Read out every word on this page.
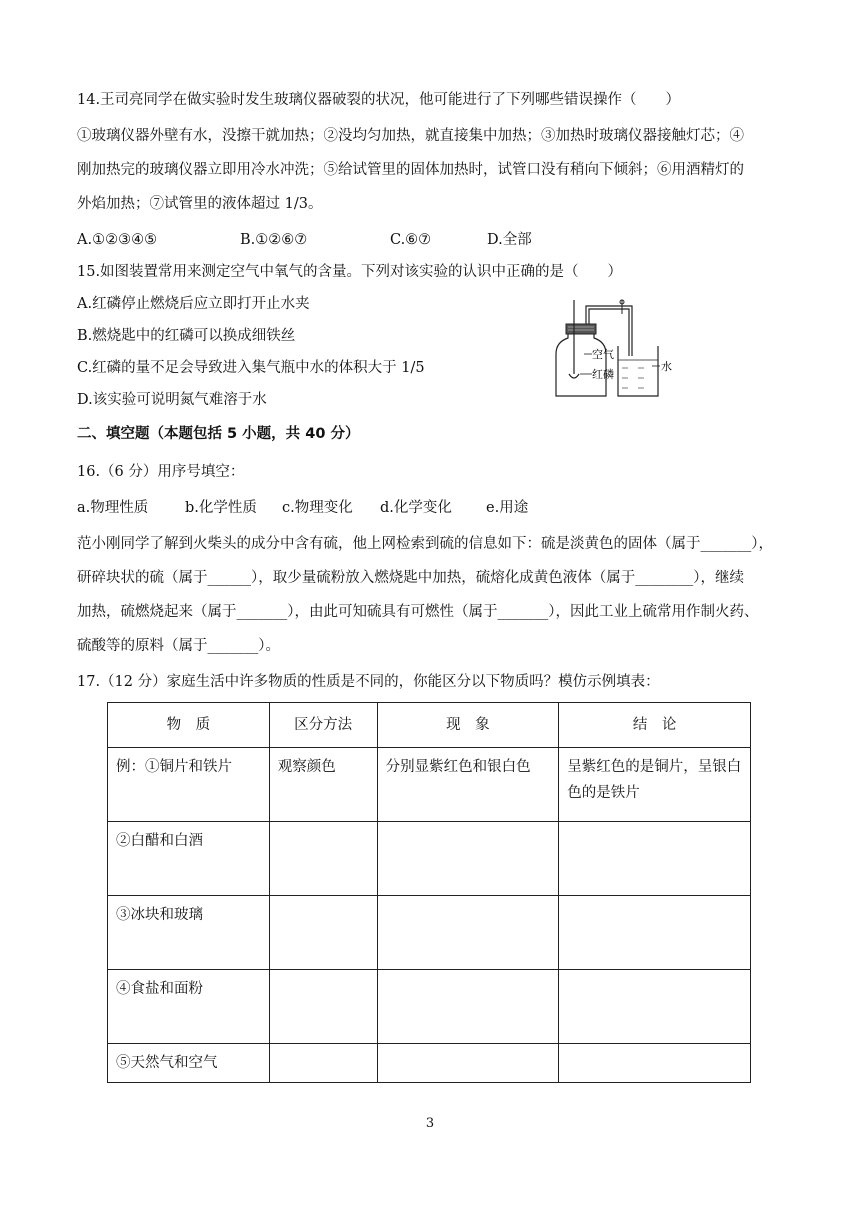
14.王司亮同学在做实验时发生玻璃仪器破裂的状况，他可能进行了下列哪些错误操作（　　）
①玻璃仪器外壁有水，没擦干就加热；②没均匀加热，就直接集中加热；③加热时玻璃仪器接触灯芯；④
刚加热完的玻璃仪器立即用冷水冲洗；⑤给试管里的固体加热时，试管口没有稍向下倾斜；⑥用酒精灯的
外焰加热；⑦试管里的液体超过 1/3。
A.①②③④⑤	B.①②⑥⑦	C.⑥⑦	D.全部
15.如图装置常用来测定空气中氧气的含量。下列对该实验的认识中正确的是（　　）
A.红磷停止燃烧后应立即打开止水夹
B.燃烧匙中的红磷可以换成细铁丝
C.红磷的量不足会导致进入集气瓶中水的体积大于 1/5
D.该实验可说明氮气难溶于水
空气
红磷
水
二、填空题（本题包括 5 小题，共 40 分）
16.（6 分）用序号填空：
a.物理性质	b.化学性质 c.物理变化 d.化学变化 e.用途
范小刚同学了解到火柴头的成分中含有硫，他上网检索到硫的信息如下：硫是淡黄色的固体（属于_______），
研碎块状的硫（属于______），取少量硫粉放入燃烧匙中加热，硫熔化成黄色液体（属于________），继续
加热，硫燃烧起来（属于_______），由此可知硫具有可燃性（属于_______），因此工业上硫常用作制火药、
硫酸等的原料（属于_______）。
17.（12 分）家庭生活中许多物质的性质是不同的，你能区分以下物质吗？模仿示例填表：
物　质	区分方法	现　象	结　论
例：①铜片和铁片	观察颜色	分别显紫红色和银白色	呈紫红色的是铜片，呈银白色的是铁片
②白醋和白酒			
③冰块和玻璃			
④食盐和面粉			
⑤天然气和空气			
3
